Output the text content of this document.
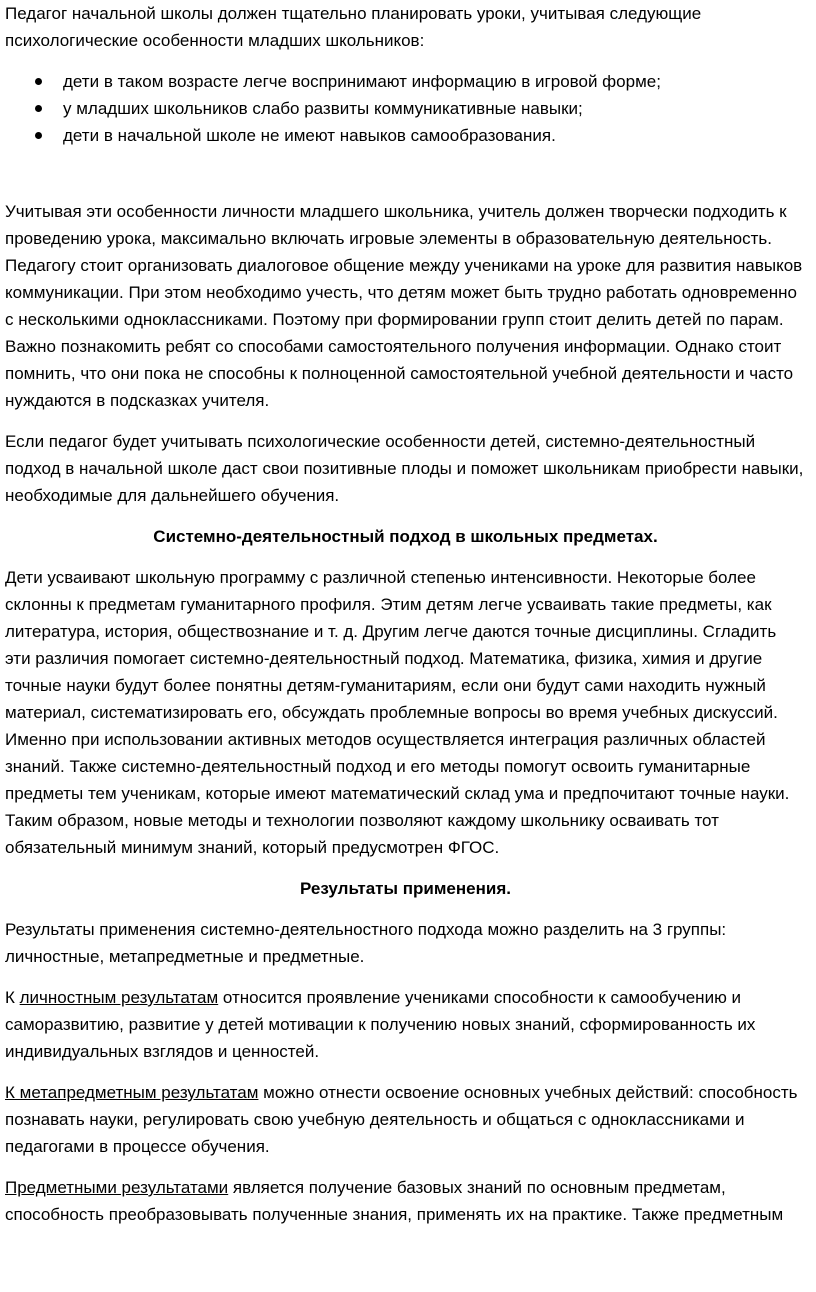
Педагог начальной школы должен тщательно планировать уроки, учитывая следующие психологические особенности младших школьников:

дети в таком возрасте легче воспринимают информацию в игровой форме;
у младших школьников слабо развиты коммуникативные навыки;
дети в начальной школе не имеют навыков самообразования.

Учитывая эти особенности личности младшего школьника, учитель должен творчески подходить к проведению урока, максимально включать игровые элементы в образовательную деятельность. Педагогу стоит организовать диалоговое общение между учениками на уроке для развития навыков коммуникации. При этом необходимо учесть, что детям может быть трудно работать одновременно с несколькими одноклассниками. Поэтому при формировании групп стоит делить детей по парам. Важно познакомить ребят со способами самостоятельного получения информации. Однако стоит помнить, что они пока не способны к полноценной самостоятельной учебной деятельности и часто нуждаются в подсказках учителя.

Если педагог будет учитывать психологические особенности детей, системно-деятельностный подход в начальной школе даст свои позитивные плоды и поможет школьникам приобрести навыки, необходимые для дальнейшего обучения.

Системно-деятельностный подход в школьных предметах.

Дети усваивают школьную программу с различной степенью интенсивности. Некоторые более склонны к предметам гуманитарного профиля. Этим детям легче усваивать такие предметы, как литература, история, обществознание и т. д. Другим легче даются точные дисциплины. Сгладить эти различия помогает системно-деятельностный подход. Математика, физика, химия и другие точные науки будут более понятны детям-гуманитариям, если они будут сами находить нужный материал, систематизировать его, обсуждать проблемные вопросы во время учебных дискуссий. Именно при использовании активных методов осуществляется интеграция различных областей знаний. Также системно-деятельностный подход и его методы помогут освоить гуманитарные предметы тем ученикам, которые имеют математический склад ума и предпочитают точные науки. Таким образом, новые методы и технологии позволяют каждому школьнику осваивать тот обязательный минимум знаний, который предусмотрен ФГОС.

Результаты применения.

Результаты применения системно-деятельностного подхода можно разделить на 3 группы: личностные, метапредметные и предметные.

К личностным результатам относится проявление учениками способности к самообучению и саморазвитию, развитие у детей мотивации к получению новых знаний, сформированность их индивидуальных взглядов и ценностей.

К метапредметным результатам можно отнести освоение основных учебных действий: способность познавать науки, регулировать свою учебную деятельность и общаться с одноклассниками и педагогами в процессе обучения.

Предметными результатами является получение базовых знаний по основным предметам, способность преобразовывать полученные знания, применять их на практике. Также предметным
